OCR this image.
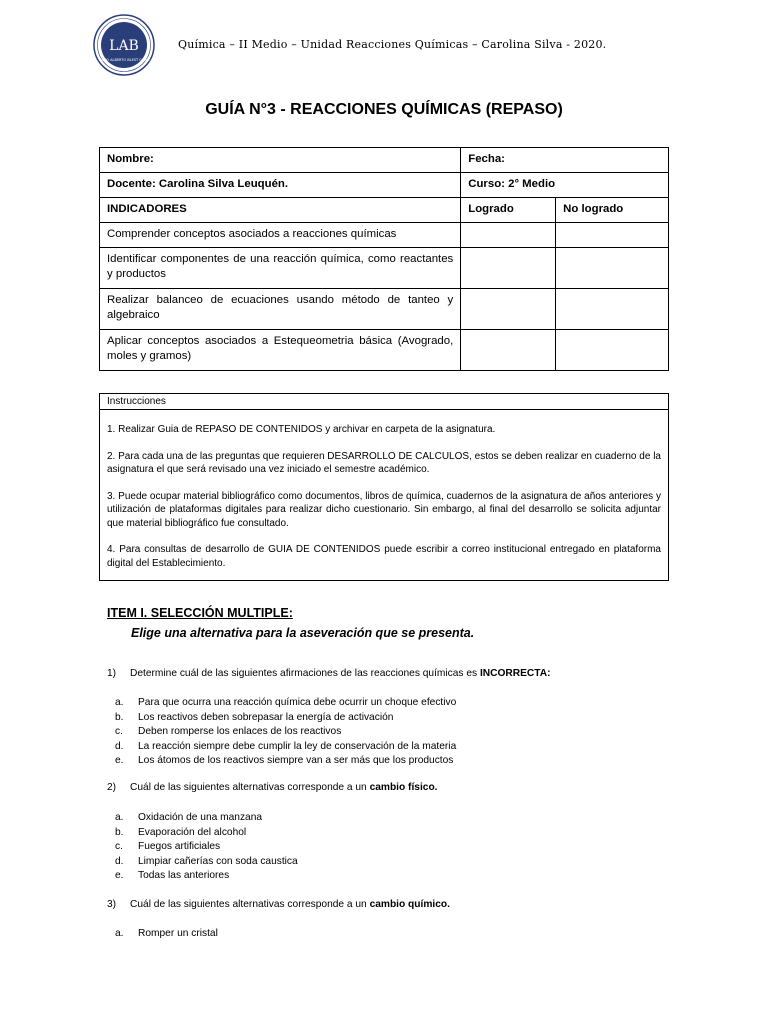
LAB
LICEO ALBERTO BLEST GANA
Química – II Medio – Unidad Reacciones Químicas – Carolina Silva - 2020.
GUÍA N°3 - REACCIONES QUÍMICAS (REPASO)
Nombre:	Fecha:	
Docente: Carolina Silva Leuquén.	Curso: 2° Medio	
INDICADORES	Logrado	No logrado
Comprender conceptos asociados a reacciones químicas		
Identificar componentes de una reacción química, como reactantes y productos		
Realizar balanceo de ecuaciones usando método de tanteo y algebraico		
Aplicar conceptos asociados a Estequeometria básica (Avogrado, moles y gramos)		
Instrucciones

1. Realizar Guia de REPASO DE CONTENIDOS y archivar en carpeta de la asignatura.

2. Para cada una de las preguntas que requieren DESARROLLO DE CALCULOS, estos se deben realizar en cuaderno de la asignatura el que será revisado una vez iniciado el semestre académico.

3. Puede ocupar material bibliográfico como documentos, libros de química, cuadernos de la asignatura de años anteriores y utilización de plataformas digitales para realizar dicho cuestionario. Sin embargo, al final del desarrollo se solicita adjuntar que material bibliográfico fue consultado.

4. Para consultas de desarrollo de GUIA DE CONTENIDOS puede escribir a correo institucional entregado en plataforma digital del Establecimiento.

ITEM I. SELECCIÓN MULTIPLE:
Elige una alternativa para la aseveración que se presenta.
1) Determine cuál de las siguientes afirmaciones de las reacciones químicas es INCORRECTA:
a. Para que ocurra una reacción química debe ocurrir un choque efectivo
b. Los reactivos deben sobrepasar la energía de activación
c. Deben romperse los enlaces de los reactivos
d. La reacción siempre debe cumplir la ley de conservación de la materia
e. Los átomos de los reactivos siempre van a ser más que los productos
2) Cuál de las siguientes alternativas corresponde a un cambio físico.
a. Oxidación de una manzana
b. Evaporación del alcohol
c. Fuegos artificiales
d. Limpiar cañerías con soda caustica
e. Todas las anteriores
3) Cuál de las siguientes alternativas corresponde a un cambio químico.
a. Romper un cristal
